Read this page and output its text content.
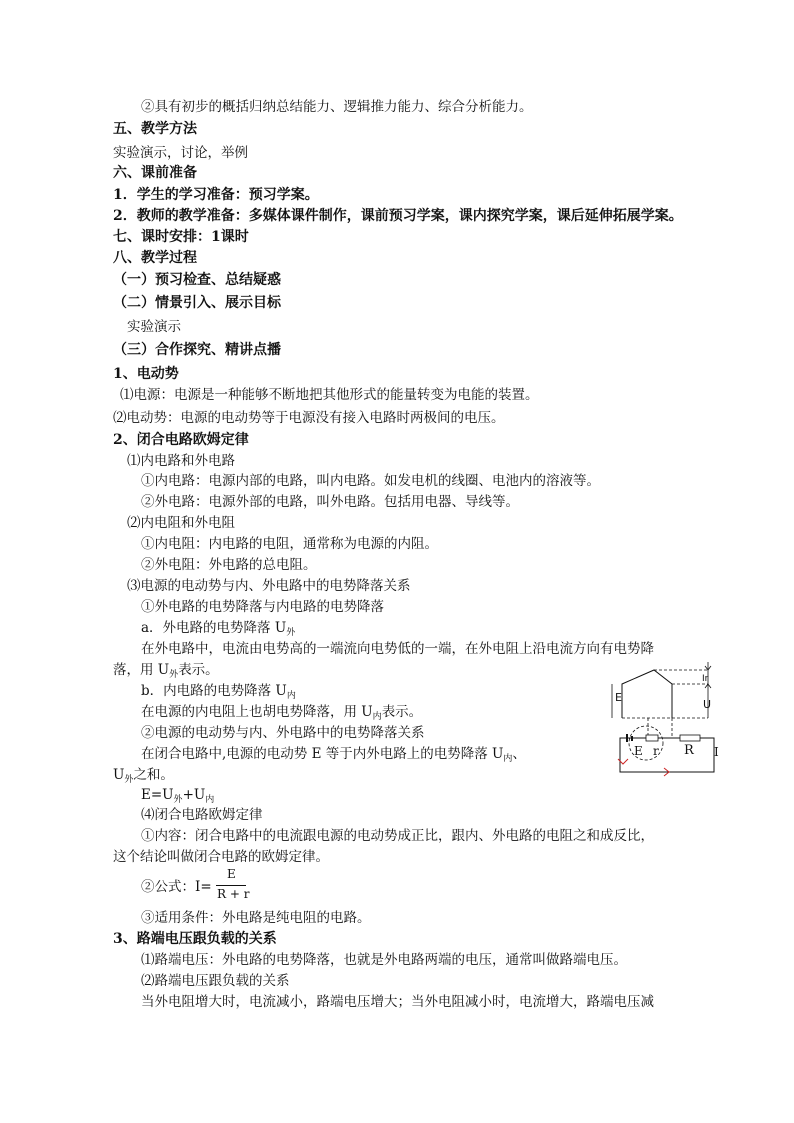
②具有初步的概括归纳总结能力、逻辑推力能力、综合分析能力。
五、教学方法
实验演示，讨论，举例
六、课前准备
1．学生的学习准备：预习学案。
2．教师的教学准备：多媒体课件制作，课前预习学案，课内探究学案，课后延伸拓展学案。
七、课时安排：1课时
八、教学过程
（一）预习检查、总结疑惑
（二）情景引入、展示目标
实验演示
（三）合作探究、精讲点播
1、电动势
⑴电源：电源是一种能够不断地把其他形式的能量转变为电能的装置。
⑵电动势：电源的电动势等于电源没有接入电路时两极间的电压。
2、闭合电路欧姆定律
⑴内电路和外电路
①内电路：电源内部的电路，叫内电路。如发电机的线圈、电池内的溶液等。
②外电路：电源外部的电路，叫外电路。包括用电器、导线等。
⑵内电阻和外电阻
①内电阻：内电路的电阻，通常称为电源的内阻。
②外电阻：外电路的总电阻。
⑶电源的电动势与内、外电路中的电势降落关系
①外电路的电势降落与内电路的电势降落
a．外电路的电势降落 $U_外$
在外电路中，电流由电势高的一端流向电势低的一端，在外电阻上沿电流方向有电势降
落，用 $U_外$表示。
b．内电路的电势降落 $U_内$
在电源的内电阻上也胡电势降落，用 $U_内$表示。
②电源的电动势与内、外电路中的电势降落关系
在闭合电路中,电源的电动势 E 等于内外电路上的电势降落 $U_内$、
$U_外$之和。
$E=U_外+U_内$
⑷闭合电路欧姆定律
①内容：闭合电路中的电流跟电源的电动势成正比，跟内、外电路的电阻之和成反比，
这个结论叫做闭合电路的欧姆定律。
②公式：I=
E
R + r
③适用条件：外电路是纯电阻的电路。
3、路端电压跟负载的关系
⑴路端电压：外电路的电势降落，也就是外电路两端的电压，通常叫做路端电压。
⑵路端电压跟负载的关系
当外电阻增大时，电流减小，路端电压增大；当外电阻减小时，电流增大，路端电压减
E
U
Ir
E r R I
